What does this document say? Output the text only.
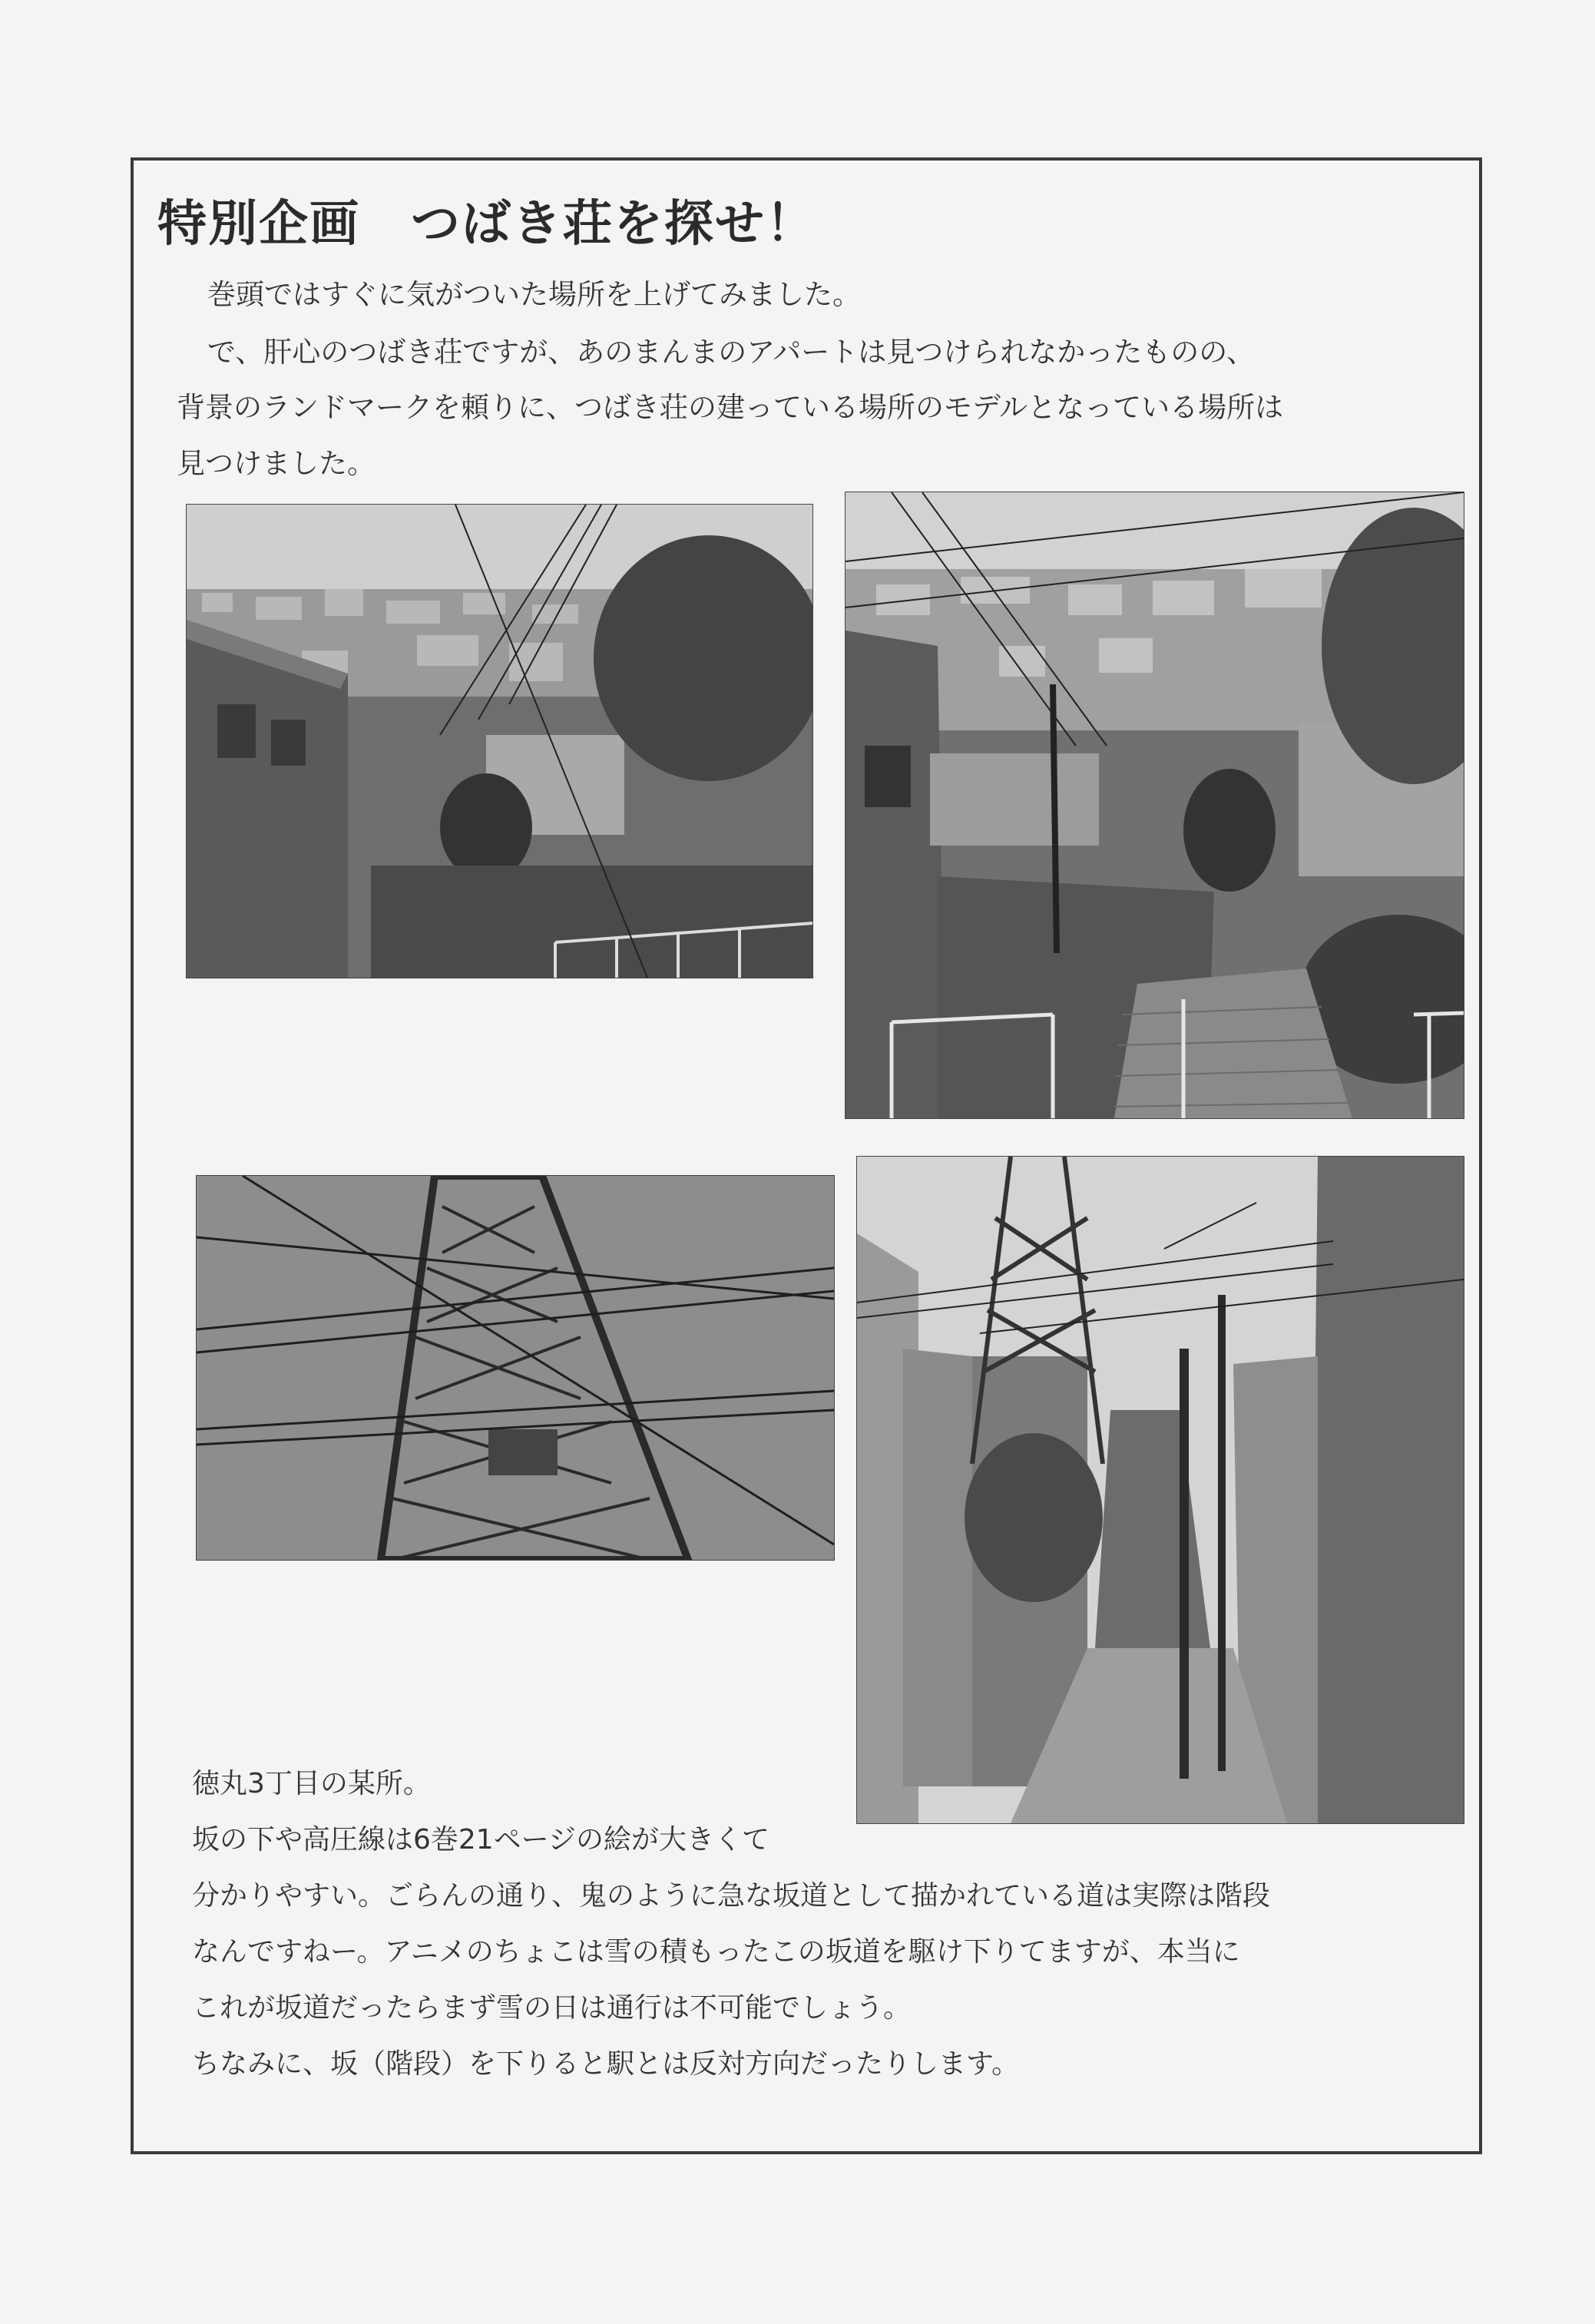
特別企画　つばき荘を探せ！
巻頭ではすぐに気がついた場所を上げてみました。
で、肝心のつばき荘ですが、あのまんまのアパートは見つけられなかったものの、
背景のランドマークを頼りに、つばき荘の建っている場所のモデルとなっている場所は
見つけました。
徳丸3丁目の某所。
坂の下や高圧線は6巻21ページの絵が大きくて
分かりやすい。ごらんの通り、鬼のように急な坂道として描かれている道は実際は階段
なんですねー。アニメのちょこは雪の積もったこの坂道を駆け下りてますが、本当に
これが坂道だったらまず雪の日は通行は不可能でしょう。
ちなみに、坂（階段）を下りると駅とは反対方向だったりします。
